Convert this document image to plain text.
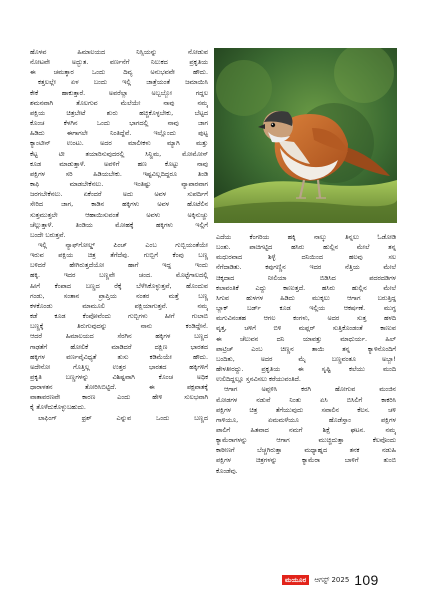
ಹೊಳವ ಹಿಮಾಲಯದ ನಿಸ್ಸಿಯನ್ನು ನೋಡುವ

ನೋಟವೇ ಅದ್ಭುತ. ವರ್ಣನೆಗೆ ನಿಲುಕದ ಪ್ರಕೃತಿಯ

ಈ ಚಮತ್ಕಾರ ಒಂದು ದಿವ್ಯ ಅನುಭವವೇ ಹೌದು.

ಕತ್ತಲಲ್ಲೇ ಏಳ ಬಂದು ಇಲ್ಲಿ ಜಾತ್ರೆಯಂತೆ ಜಮಾಯಿಸಿ

ಕೇಕೆ ಹಾಕುತ್ತಾರೆ. ಅವರೆಲ್ಲಾ ಅಬ್ಬಬ್ಬೋ ಗದ್ದಲ

ಶಮನವಾಗಿ ತೊಲಗುವ ಮೆಲೆಯೇ ನಾವು ನಮ್ಮ

ಪಕ್ಷಿಯ ಚಿತ್ರಬೇಟೆ ಶುರು ಹಚ್ಚಿಕೊಳ್ಳಬೇಕು, ಬೆಟ್ಟದ

ಕೊಂಚ ಕೆಳಗಿನ ಒಂದು ಭಾಗದಲ್ಲಿ ನಾವು ಜಾಗ

ಹಿಡಿದು ಈಗಾಗಲೇ ನಿಂತಿದ್ದೆವೆ. ಇಲ್ಲೊಂದು ಪುಟ್ಟ

ಕ್ಯಾಂಟೀನ್ ಉಂಟು. ಅದರ ಮಾಲೀಕಳು ಮ್ಯಾಗಿ ಮತ್ತು

ಕೆಟ್ಟ ಟೀ ತಯಾರಿಸುವುದರಲ್ಲಿ ಸಿನ್ಹಿಮ, ಮೋಮೋಸ್

ಕೂಡ ಮಾಡುತ್ತಾಳೆ. ಅವಳಿಗೆ ಹಣ ಕೊಟ್ಟು ನಾವು

ಪಕ್ಷಿಗಳ ಸರಿ ಹಿಡಿಯಬೇಕು. ಇಷ್ಟವಿಲ್ಲದಿದ್ದರೂ ತಿಂಡಿ

ಕಾಫಿ ಮಾಡಬೇಕೆನಲು. ಇಂತಿಷ್ಟು ವ್ಯಾಪಾರವಾಗ

ಜರಗಬೇಕೆನಲು. ಏಕೆಂದರೆ ಅದು ಅವಳ ಸುಪರ್ದಿಗೆ

ಸೇರಿದ ಜಾಗ, ಕಾಡಿನ ಹಕ್ಕಿಗಳು ಅವಳ ಹೊಟೆಲಿನ

ಸುತ್ತಮುತ್ತಲೇ ಆಹಾಯಿಸುವಂತೆ ಅವಳು ಅಕ್ಕಿನುಚ್ಚು

ಚೆಲ್ಲುತ್ತಾಳೆ. ತಿಂಡಿಯ ಮೋಹಕ್ಕೆ ಹಕ್ಕಿಗಳು ಇಲ್ಲಿಗೆ

ಬಂದೇ ಬರುತ್ತವೆ.

ಇಲ್ಲಿ ನ್ಯಾಫ್‌ಗೋಲ್ಡ್ ಪಿಂಚ್ ಎಂಬ ಗುಬ್ಬಿಯಂತೆಯೇ

ಇರುವ ಪಕ್ಷಿಯ ಚಿತ್ರ ತೆಗೆದೆವು. ಗುಬ್ಬಿಗೆ ಕೆಂಪು ಬಣ್ಣ

ಬಳಿದರೆ ಹೇಗಿರುತ್ತದೆಯೋ ಹಾಗೆ ಇದ್ದ ಇಂದು

ಹಕ್ಕಿ. ಇದರ ಬಣ್ಣವೇ ಚಂದ. ಮೊಟ್ಟೆಗಾಲದಲ್ಲಿ

ಹೀಗೆ ಕೆಂಪಾದ ಬಣ್ಣದ ರೆಕ್ಕೆ ಬೆಳೆಸಿಕೊಳ್ಳುತ್ತವೆ, ಹೊಂದುವ

ಗಂಡು, ಸಂತಾನ ಪ್ರಾಪ್ತಿಯ ನಂತರ ಮತ್ತೆ ಬಣ್ಣ

ಕಳಕೊಂಡು ಮಾಮೂಲಿ ಪಕ್ಷಿಯಾಗುತ್ತವೆ. ನಮ್ಮ

ಕಡೆ ಕೂಡ ಕೆಂಪೋವೆಂದು ಗುಬ್ಬಿಗಳು ಹೀಗೆ ಗುಲಾಬಿ

ಬಣ್ಣಕ್ಕೆ ತಿರುಗುವುದನ್ನು ನಾನು ಕಂಡಿದ್ದೇನೆ.

ಆದರೆ ಹಿಮಾಲಯದ ಸೆರಗಿನ ಹಕ್ಕಿಗಳ ಬಣ್ಣದ

ಗಾಢತೆಗೆ ಹೋಲಿಕೆ ಮಾಡಿದರೆ ದಕ್ಷಿಣ ಭಾರತದ

ಹಕ್ಕಿಗಳ ವರ್ಣವೈವಿಧ್ಯತೆ ತುಸು ಕಡಿಮೆಯೇ ಹೌದು.

ಅದೇನೋ ಗೊತ್ತಿಲ್ಲ ಉತ್ತರ ಭಾರತದ ಹಕ್ಕಿಗಳಿಗೆ

ಪ್ರಕೃತಿ ಬಣ್ಣಗಳನ್ನು ವಿಶಿಷ್ಟವಾಗಿ ಕೊಂಚ ಅಧಿಕ

ಧಾರಾಳತನ ತೋರಿಸಿಬಿಟ್ಟಿದೆ. ಈ ಪಕ್ಷಪಾತಕ್ಕೆ

ವಾತಾವರಣವೇ ಕಾರಣ ಎಂದು ಹೇಳಿ ಸುಲಭವಾಗಿ

ಕೈ ತೊಳೆದುಕೊಳ್ಳುಬಹುದು.

ಲಾಫಿಂಗ್ ಥ್ರಶ್ ಎನ್ನುವ ಒಂದು ಬಣ್ಣದ

ಎದೆಯ ಕೆಂಗರಿಯ ಹಕ್ಕಿ ನಾಲ್ಕು ತಿನ್ನಲು ಓಡೋಡಿ

ಬಂತು. ಪಾಚಿಗಟ್ಟಿದ ಹಸಿರು ಹುಲ್ಲಿನ ಮೇಲೆ ತನ್ನ

ಮಧುರವಾದ ಶಿಳ್ಳೆ ದನಿಯಿಂದ ಹಲವು ಸಲ

ನೆಗೆದಾಡಿತು. ಕವುಗಣ್ಣಿನ ಇದರ ನೆತ್ತಿಯ ಮೇಲೆ

ಚಿಕ್ಕದಾದ ನೀಲಿಯಾ ಬಿಡಿಸಿದ ಪದರದಡಿಗಳ

ಕಲಾವಂತಿಕೆ ಎದ್ದು ಕಾಣುತ್ತದೆ. ಹಸಿರು ಹುಲ್ಲಿನ ಮೇಲೆ

ಸಿಗುವ ಹುಳಗಳ ಹಿಡಿದು ಮುಕ್ಕಲು ಆಗಾಗ ಬರುತ್ತಿದ್ದ

ಬ್ಲಾಕ್ ಬರ್ಡ್ ಕೂಡ ಇಲ್ಲಿಯ ಆಕರ್ಷಣೆ. ಮುಗ್ಧ

ಮಗುವಿನಂತಹ ಆಗಲ ಕಂಗಳು, ಅದರ ಸುತ್ತ ಹಳದಿ

ವೃತ್ತ, ಚಳಿಗೆ ಬಿಳಿ ಮಫ್ಲರ್ ಸುತ್ತಿಕೊಂಡಂತೆ ಕಾಣುವ

ಈ ಚೆಲುವನ ದನಿ ಯಾವತ್ತು ಮಾಧುರ್ಯ. ಹಿಲ್

ಪಾಟ್ರಿಚ್ ಎಂಬ ಚಿಣ್ಣನ ತಾಯಿ ತನ್ನ ಕ್ಯಾಳಿನೊಂದಿಗೆ

ಬಂದಿತು, ಅದರ ಮೈ ಬಣ್ಣವಂತೂ ಅಬ್ಬಾ!

ಹೇಳತೀರದ್ದು. ಪ್ರಕೃತಿಯ ಈ ಸೃಷ್ಟಿ ಕಲೆಯು ಮಂದಿ

ಉಲಿದಿದ್ದಲ್ಲೂ ಸ್ತನವಿಸಲು ಕರೆಯುವಂತಿದೆ.

ಆಗಾಗ ಅಪ್ಪಳಿಸಿ ಕರಗಿ ಹೋಗುವ ಮಂಜಿನ

ಮೋಡಗಳ ನಡುವೆ ನಿಂತು ಏಸಿ ಬಿಸಿಲಿಗೆ ಕಾಕರಿಸಿ

ಪಕ್ಷಿಗಳ ಚಿತ್ರ ತೆಗೆಯುವುದು ಸವಾಲಿನ ಕೆಲಸ. ಚಳಿ

ಗಾಳಿಯೂ, ಏಮಮಳೆಯೂ ಹೊಡೆಸ್ತಾಂ ಪಕ್ಷಿಗಳ

ಪಾಲಿಗೆ ಹಿತವಾದ ನಮಗೆ ಶಿಕ್ಷೆ ಘಟನ. ನಮ್ಮ

ಕ್ಯಾಮೆರಾಗಳನ್ನು ಆಗಾಗ ಮುಚ್ಚಿದುತ್ತಾ ಕೆಲವೊಂದು

ಕಾಠೀಣಗೆ ಬೆಚ್ಚಗಿರುತ್ತಾ ಮಧ್ಯಾಹ್ನದ ತನಕ ನಡುಹಿ

ಪಕ್ಷಿಗಳ ಚಿತ್ರಗಳನ್ನು ಕ್ಯಾಮೆರಾ ಬಾಳಿಗೆ ತುಂಬಿ

ಕೊಂಡೆವು.

ಮಯೂರ	ಆಗಸ್ಟ್ 2025 109
